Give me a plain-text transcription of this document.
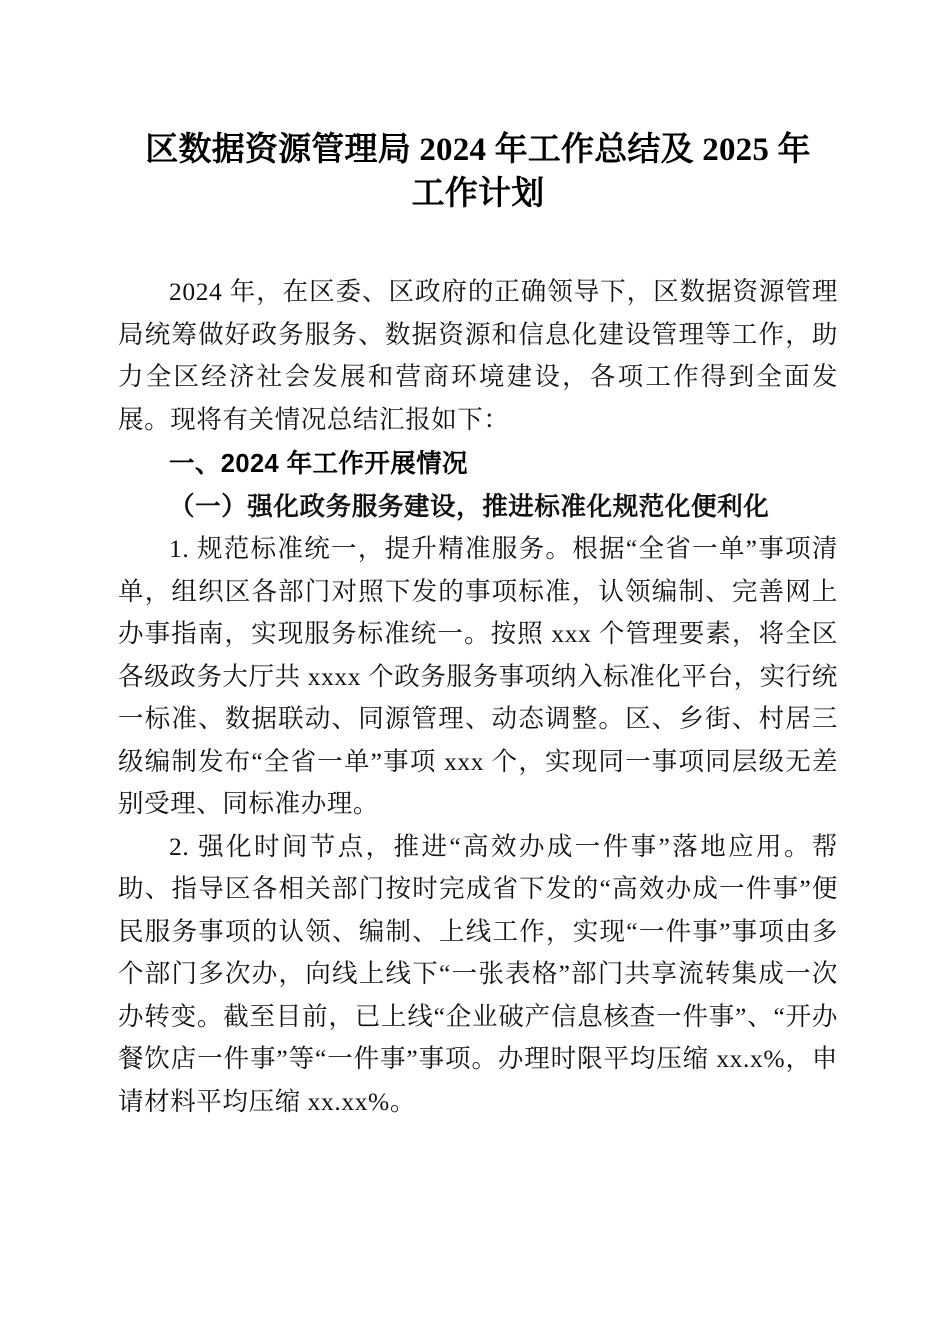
区数据资源管理局 2024 年工作总结及 2025 年
工作计划

2024 年，在区委、区政府的正确领导下，区数据资源管理局统筹做好政务服务、数据资源和信息化建设管理等工作，助力全区经济社会发展和营商环境建设，各项工作得到全面发展。现将有关情况总结汇报如下：

一、2024 年工作开展情况
（一）强化政务服务建设，推进标准化规范化便利化

1. 规范标准统一，提升精准服务。根据“全省一单”事项清单，组织区各部门对照下发的事项标准，认领编制、完善网上办事指南，实现服务标准统一。按照 xxx 个管理要素，将全区各级政务大厅共 xxxx 个政务服务事项纳入标准化平台，实行统一标准、数据联动、同源管理、动态调整。区、乡街、村居三级编制发布“全省一单”事项 xxx 个，实现同一事项同层级无差别受理、同标准办理。

2. 强化时间节点，推进“高效办成一件事”落地应用。帮助、指导区各相关部门按时完成省下发的“高效办成一件事”便民服务事项的认领、编制、上线工作，实现“一件事”事项由多个部门多次办，向线上线下“一张表格”部门共享流转集成一次办转变。截至目前，已上线“企业破产信息核查一件事”、“开办餐饮店一件事”等“一件事”事项。办理时限平均压缩 xx.x%，申请材料平均压缩 xx.xx%。
